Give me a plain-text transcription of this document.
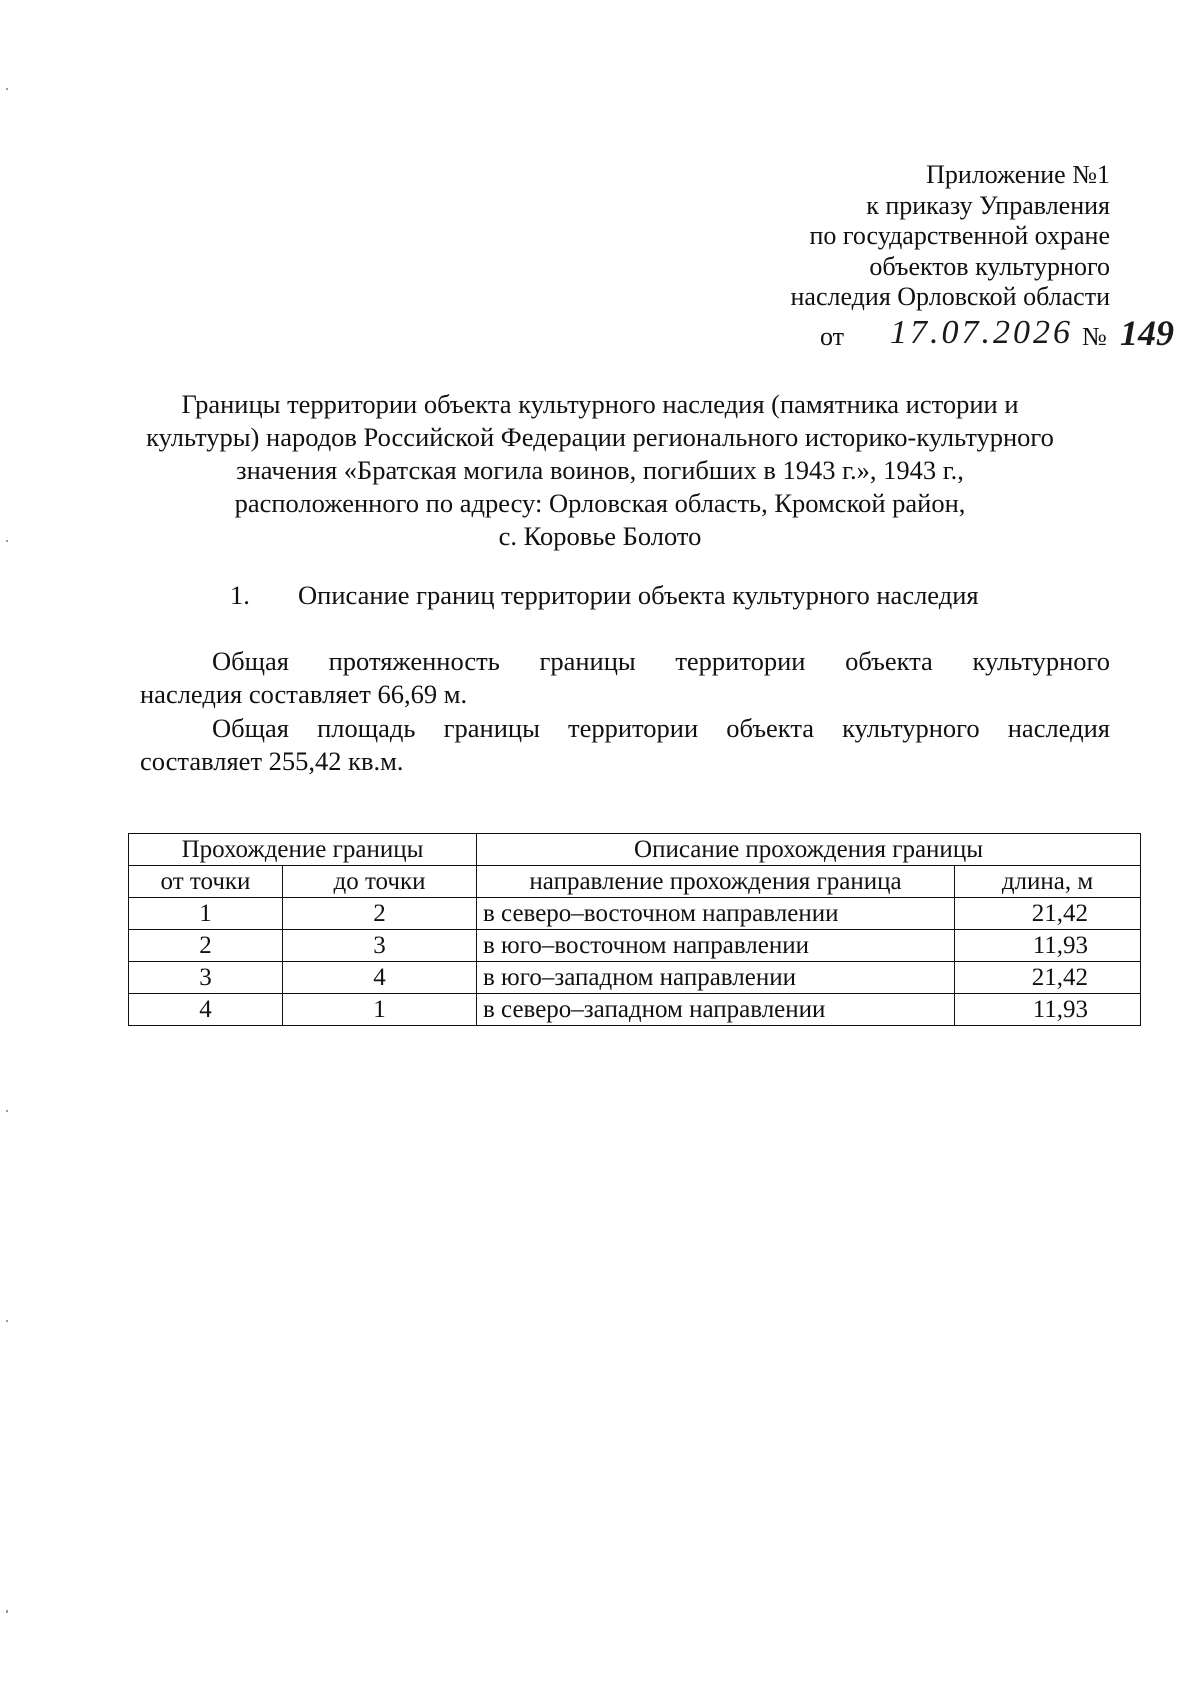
Приложение №1
к приказу Управления
по государственной охране
объектов культурного
наследия Орловской области
от 17.07.2026 № 149
Границы территории объекта культурного наследия (памятника истории и
культуры) народов Российской Федерации регионального историко-культурного
значения «Братская могила воинов, погибших в 1943 г.», 1943 г.,
расположенного по адресу: Орловская область, Кромской район,
с. Коровье Болото
1. Описание границ территории объекта культурного наследия
Общая протяженность границы территории объекта культурного
наследия составляет 66,69 м.
Общая площадь границы территории объекта культурного наследия
составляет 255,42 кв.м.
Прохождение границы		Описание прохождения границы	
от точки	до точки	направление прохождения граница	длина, м
1	2	в северо–восточном направлении	21,42
2	3	в юго–восточном направлении	11,93
3	4	в юго–западном направлении	21,42
4	1	в северо–западном направлении	11,93
